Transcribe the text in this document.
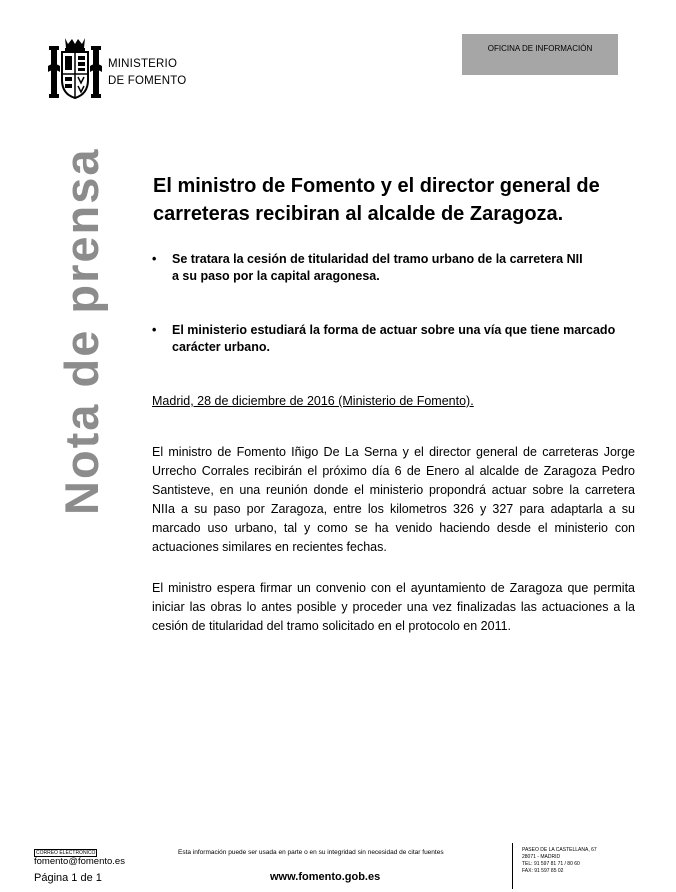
MINISTERIO
DE FOMENTO
OFICINA DE INFORMACIÓN
Nota de prensa El ministro de Fomento y el director general de carreteras recibiran al alcalde de Zaragoza.
• Se tratara la cesión de titularidad del tramo urbano de la carretera NII
a su paso por la capital aragonesa.
• El ministerio estudiará la forma de actuar sobre una vía que tiene marcado
carácter urbano.
Madrid, 28 de diciembre de 2016 (Ministerio de Fomento).
El ministro de Fomento Iñigo De La Serna y el director general de carreteras Jorge Urrecho Corrales recibirán el próximo día 6 de Enero al alcalde de Zaragoza Pedro Santisteve, en una reunión donde el ministerio propondrá actuar sobre la carretera NIIa a su paso por Zaragoza, entre los kilometros 326 y 327 para adaptarla a su marcado uso urbano, tal y como se ha venido haciendo desde el ministerio con actuaciones similares en recientes fechas.
El ministro espera firmar un convenio con el ayuntamiento de Zaragoza que permita iniciar las obras lo antes posible y proceder una vez finalizadas las actuaciones a la cesión de titularidad del tramo solicitado en el protocolo en 2011.
CORREO ELECTRÓNICO
fomento@fomento.es
Página 1 de 1
Esta información puede ser usada en parte o en su integridad sin necesidad de citar fuentes
www.fomento.gob.es
PASEO DE LA CASTELLANA, 67
28071 - MADRID
TEL: 91 597 81 71 / 80 60
FAX: 91 597 85 02
